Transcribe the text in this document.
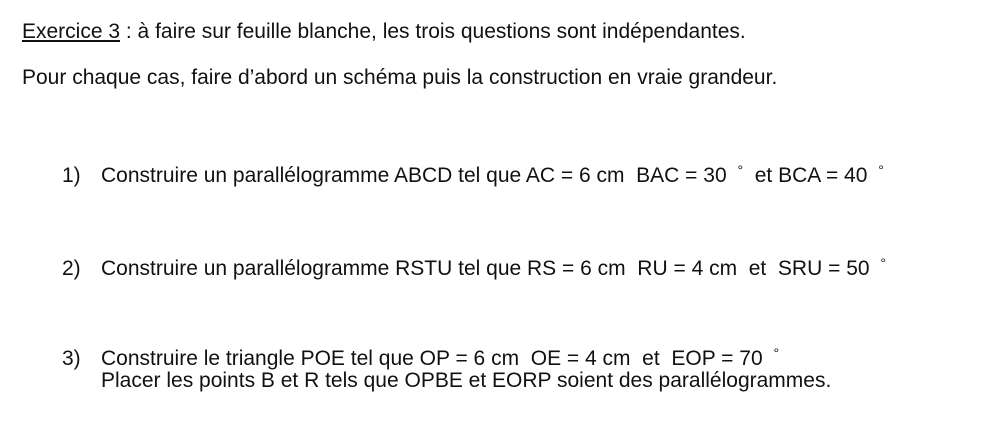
Exercice 3 : à faire sur feuille blanche, les trois questions sont indépendantes.
Pour chaque cas, faire d’abord un schéma puis la construction en vraie grandeur.
1) Construire un parallélogramme ABCD tel que AC = 6 cm  BAC = 30 °  et BCA = 40 °
2) Construire un parallélogramme RSTU tel que RS = 6 cm  RU = 4 cm  et  SRU = 50 °
3) Construire le triangle POE tel que OP = 6 cm  OE = 4 cm  et  EOP = 70 °
Placer les points B et R tels que OPBE et EORP soient des parallélogrammes.
